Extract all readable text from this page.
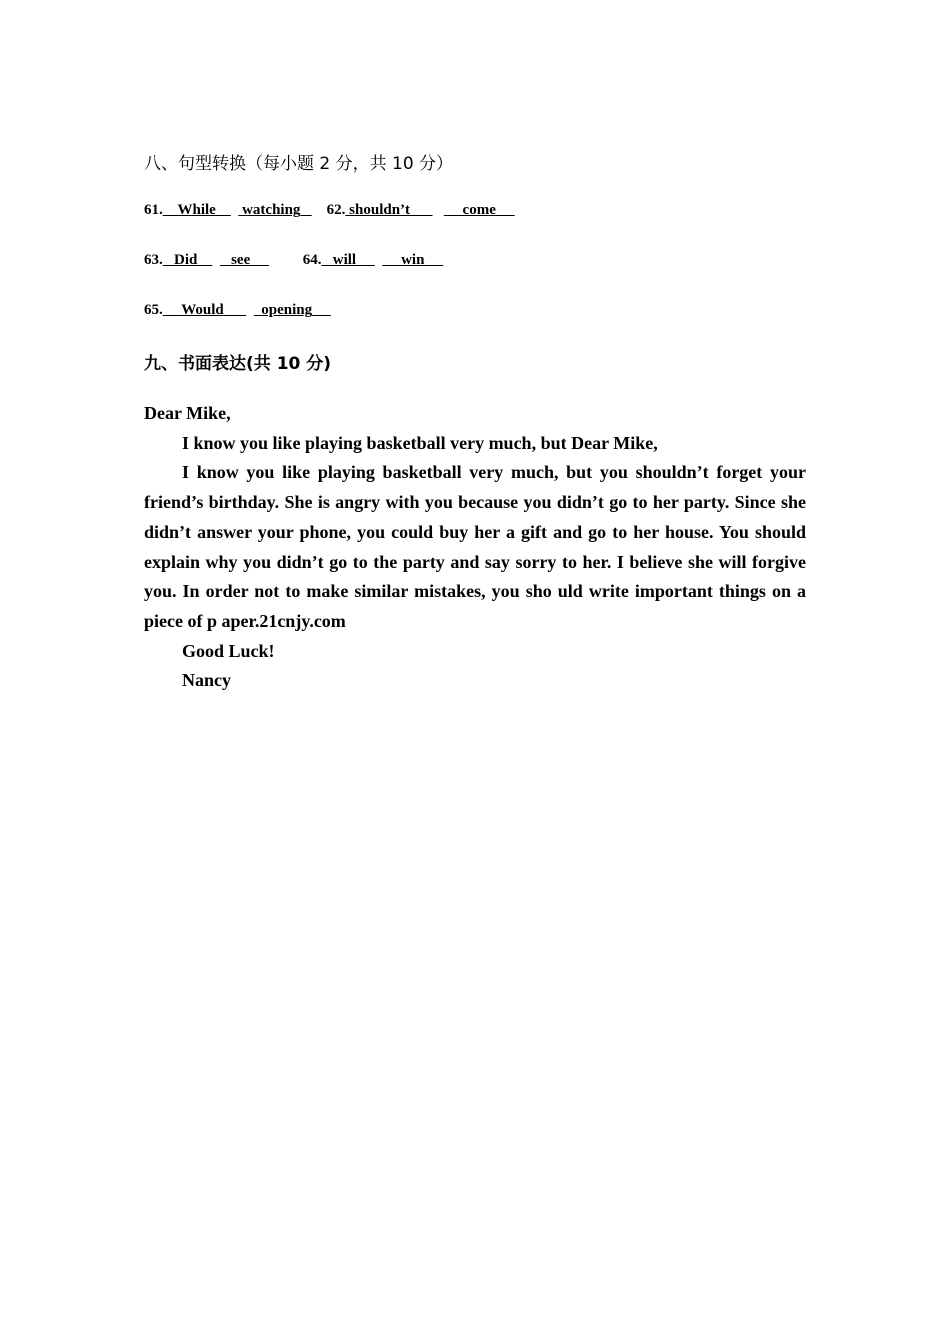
八、句型转换（每小题 2 分，共 10 分）
61. While watching 62. shouldn’t	come
63. Did see	64. will	win
65. Would	opening
九、书面表达(共 10 分)

Dear Mike,

I know you like playing basketball very much, but Dear Mike,

I know you like playing basketball very much, but you shouldn’t forget your friend’s birthday. She is angry with you because you didn’t go to her party. Since she didn’t answer your phone, you could buy her a gift and go to her house. You should explain why you didn’t go to the party and say sorry to her. I believe she will forgive you. In order not to make similar mistakes, you sho uld write important things on a piece of p aper.21cnjy.com

Good Luck!

Nancy
